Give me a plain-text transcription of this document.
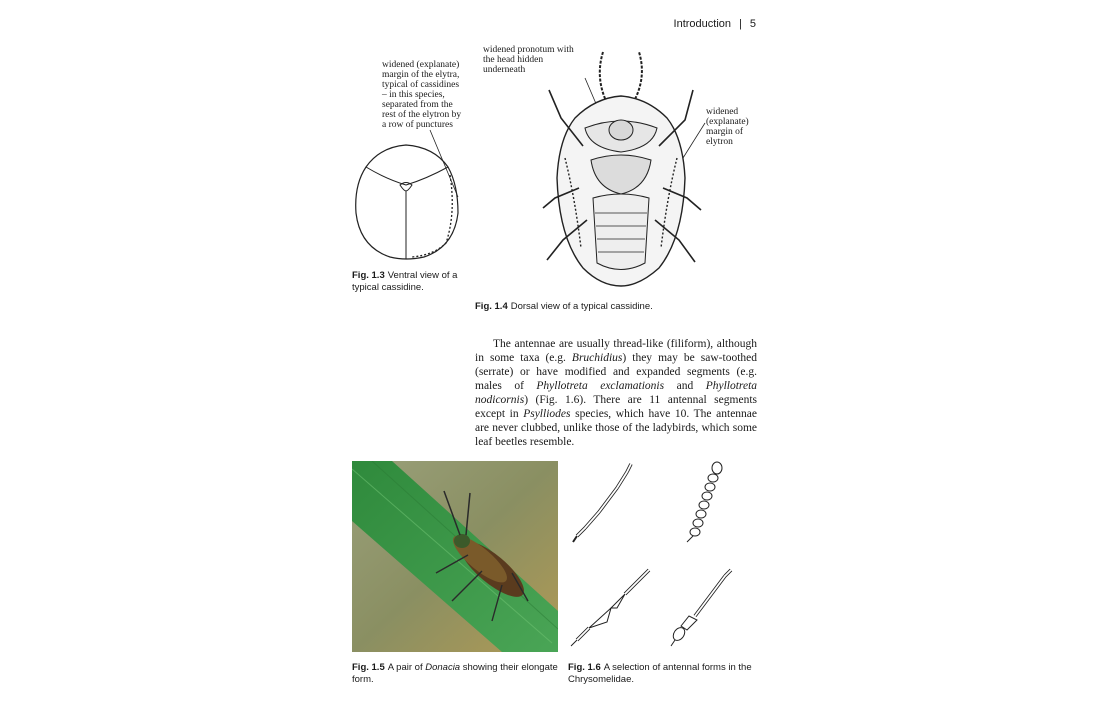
Introduction | 5
widened (explanate) margin of the elytra, typical of cassidines – in this species, separated from the rest of the elytron by a row of punctures
Fig. 1.3 Ventral view of a typical cassidine.
widened pronotum with the head hidden underneath
widened (explanate) margin of elytron
Fig. 1.4 Dorsal view of a typical cassidine.
The antennae are usually thread-like (filiform), although in some taxa (e.g. Bruchidius) they may be saw-toothed (serrate) or have modified and expanded segments (e.g. males of Phyllotreta exclamationis and Phyllotreta nodicornis) (Fig. 1.6). There are 11 antennal segments except in Psylliodes species, which have 10. The antennae are never clubbed, unlike those of the ladybirds, which some leaf beetles resemble.
Fig. 1.5 A pair of Donacia showing their elongate form.
Fig. 1.6 A selection of antennal forms in the Chrysomelidae.
